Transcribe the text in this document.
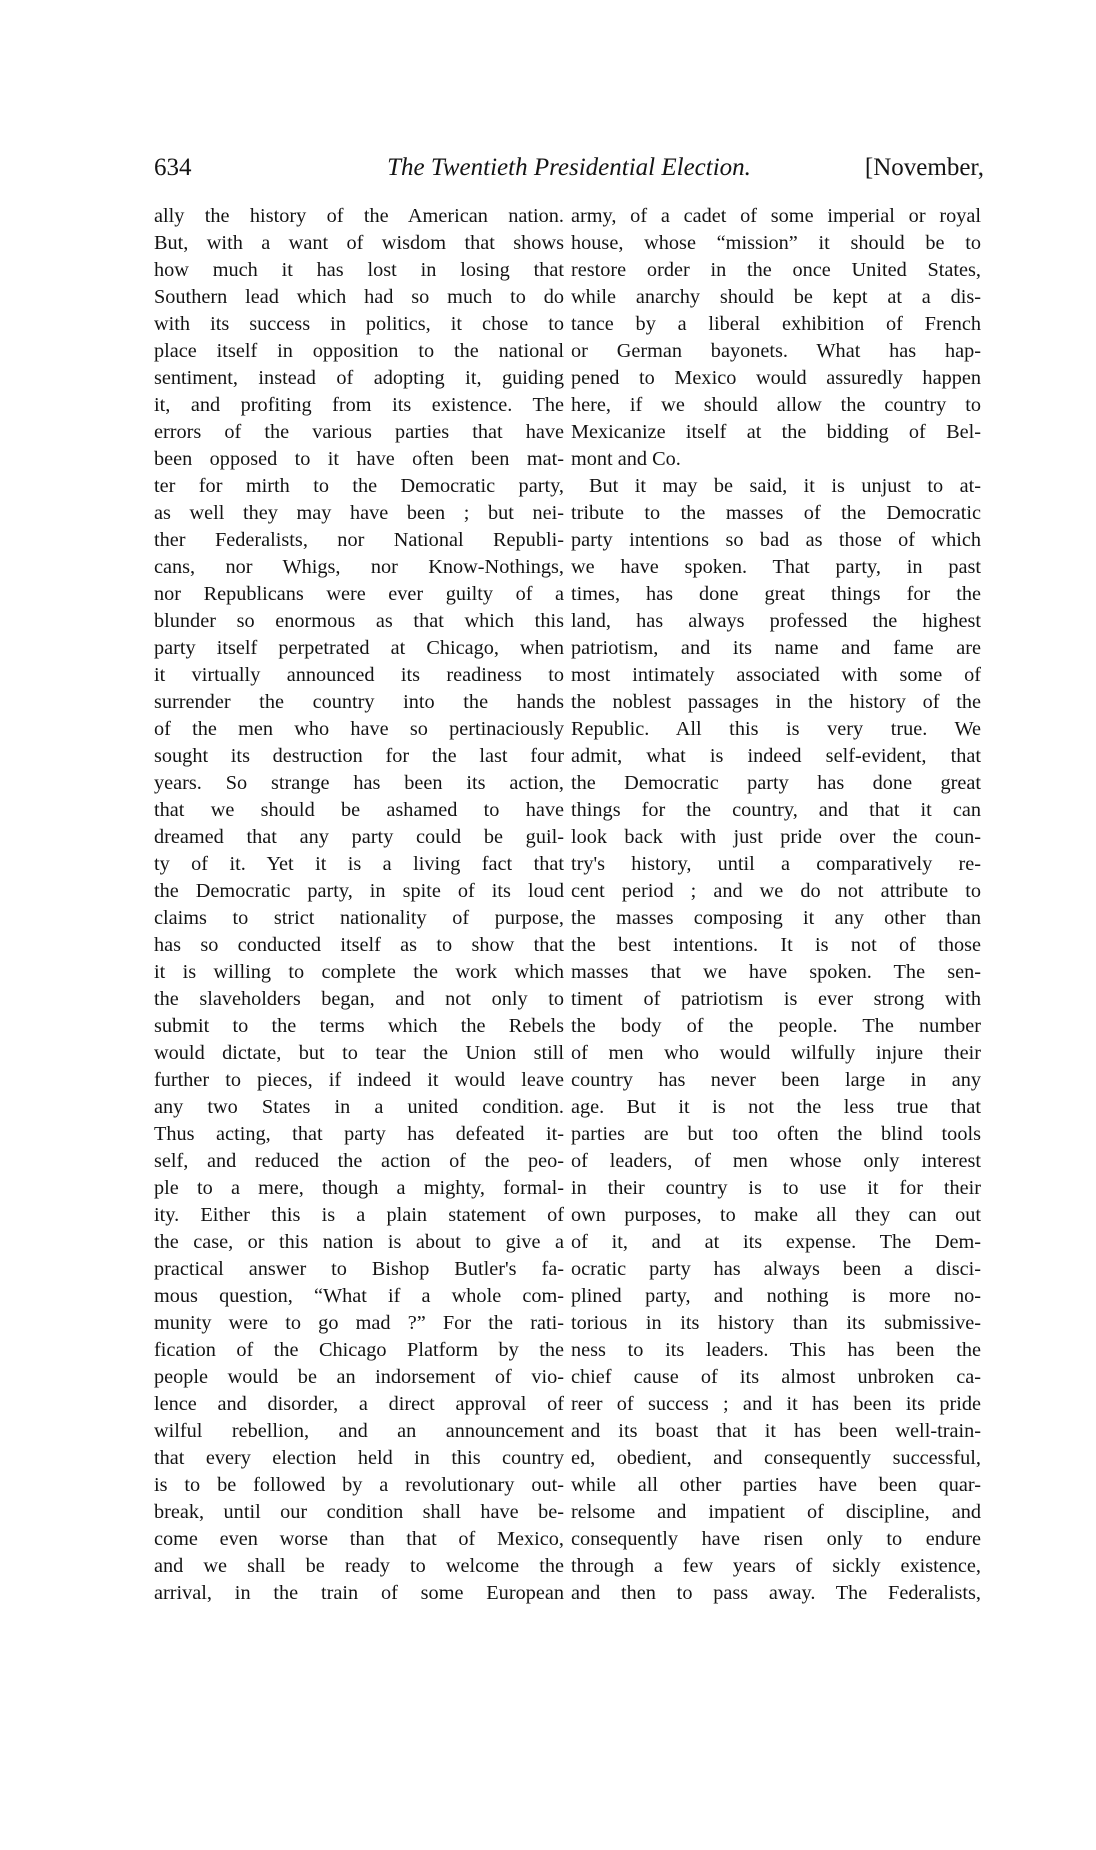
634	The Twentieth Presidential Election.	[November,
ally the history of the American nation.
But, with a want of wisdom that shows
how much it has lost in losing that
Southern lead which had so much to do
with its success in politics, it chose to
place itself in opposition to the national
sentiment, instead of adopting it, guiding
it, and profiting from its existence. The
errors of the various parties that have
been opposed to it have often been mat-
ter for mirth to the Democratic party,
as well they may have been ; but nei-
ther Federalists, nor National Republi-
cans, nor Whigs, nor Know-Nothings,
nor Republicans were ever guilty of a
blunder so enormous as that which this
party itself perpetrated at Chicago, when
it virtually announced its readiness to
surrender the country into the hands
of the men who have so pertinaciously
sought its destruction for the last four
years. So strange has been its action,
that we should be ashamed to have
dreamed that any party could be guil-
ty of it. Yet it is a living fact that
the Democratic party, in spite of its loud
claims to strict nationality of purpose,
has so conducted itself as to show that
it is willing to complete the work which
the slaveholders began, and not only to
submit to the terms which the Rebels
would dictate, but to tear the Union still
further to pieces, if indeed it would leave
any two States in a united condition.
Thus acting, that party has defeated it-
self, and reduced the action of the peo-
ple to a mere, though a mighty, formal-
ity. Either this is a plain statement of
the case, or this nation is about to give a
practical answer to Bishop Butler's fa-
mous question, “What if a whole com-
munity were to go mad ?” For the rati-
fication of the Chicago Platform by the
people would be an indorsement of vio-
lence and disorder, a direct approval of
wilful rebellion, and an announcement
that every election held in this country
is to be followed by a revolutionary out-
break, until our condition shall have be-
come even worse than that of Mexico,
and we shall be ready to welcome the
arrival, in the train of some European
army, of a cadet of some imperial or royal
house, whose “mission” it should be to
restore order in the once United States,
while anarchy should be kept at a dis-
tance by a liberal exhibition of French
or German bayonets. What has hap-
pened to Mexico would assuredly happen
here, if we should allow the country to
Mexicanize itself at the bidding of Bel-
mont and Co.
But it may be said, it is unjust to at-
tribute to the masses of the Democratic
party intentions so bad as those of which
we have spoken. That party, in past
times, has done great things for the
land, has always professed the highest
patriotism, and its name and fame are
most intimately associated with some of
the noblest passages in the history of the
Republic. All this is very true. We
admit, what is indeed self-evident, that
the Democratic party has done great
things for the country, and that it can
look back with just pride over the coun-
try's history, until a comparatively re-
cent period ; and we do not attribute to
the masses composing it any other than
the best intentions. It is not of those
masses that we have spoken. The sen-
timent of patriotism is ever strong with
the body of the people. The number
of men who would wilfully injure their
country has never been large in any
age. But it is not the less true that
parties are but too often the blind tools
of leaders, of men whose only interest
in their country is to use it for their
own purposes, to make all they can out
of it, and at its expense. The Dem-
ocratic party has always been a disci-
plined party, and nothing is more no-
torious in its history than its submissive-
ness to its leaders. This has been the
chief cause of its almost unbroken ca-
reer of success ; and it has been its pride
and its boast that it has been well-train-
ed, obedient, and consequently successful,
while all other parties have been quar-
relsome and impatient of discipline, and
consequently have risen only to endure
through a few years of sickly existence,
and then to pass away. The Federalists,
